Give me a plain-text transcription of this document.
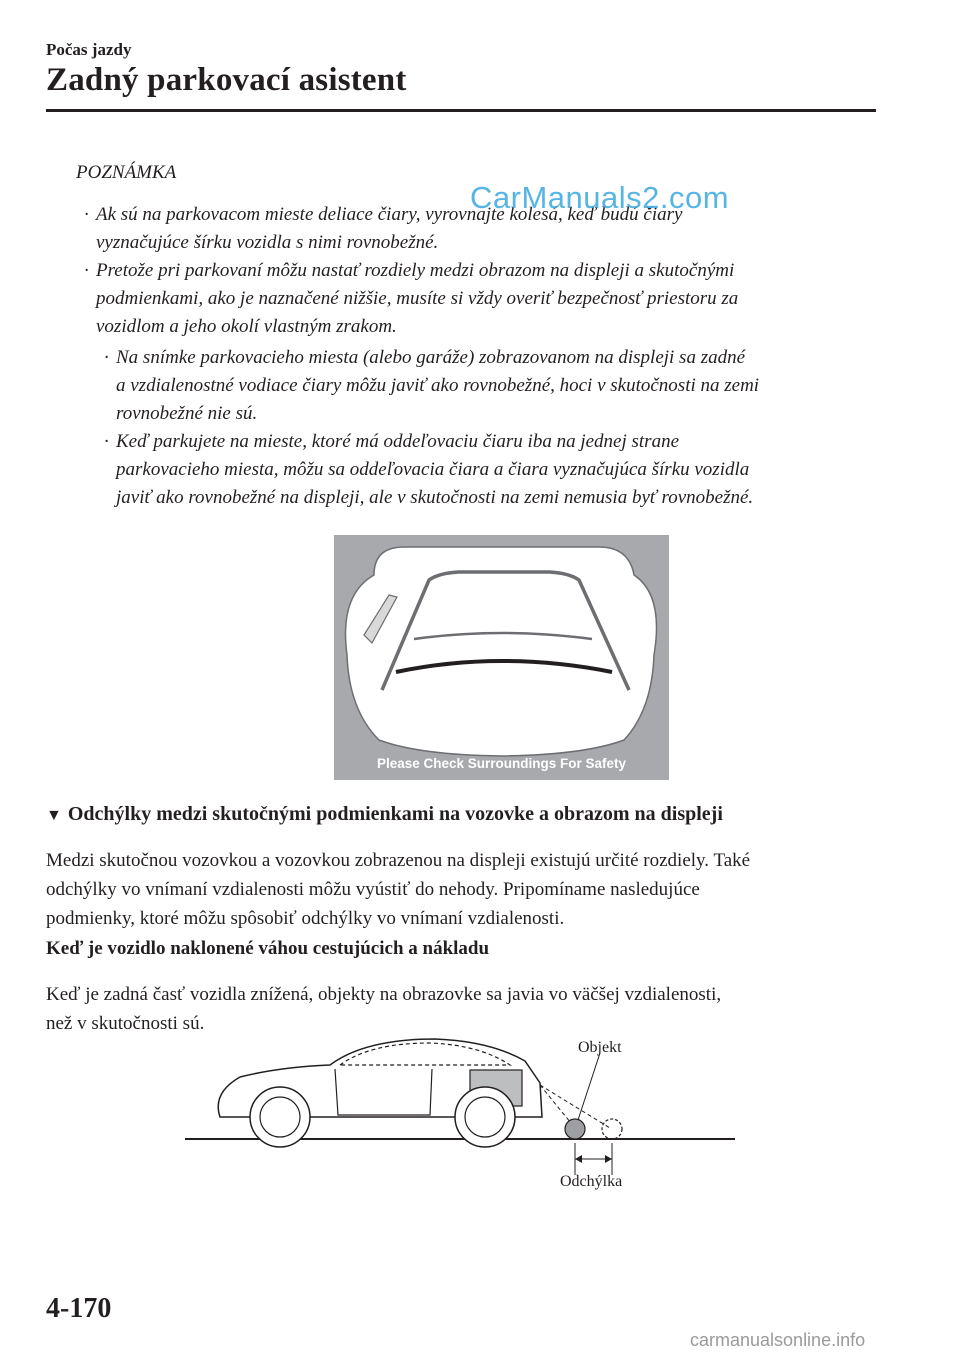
Počas jazdy
Zadný parkovací asistent
POZNÁMKA
· Ak sú na parkovacom mieste deliace čiary, vyrovnajte kolesá, keď budú čiary
vyznačujúce šírku vozidla s nimi rovnobežné.
· Pretože pri parkovaní môžu nastať rozdiely medzi obrazom na displeji a skutočnými
podmienkami, ako je naznačené nižšie, musíte si vždy overiť bezpečnosť priestoru za
vozidlom a jeho okolí vlastným zrakom.
· Na snímke parkovacieho miesta (alebo garáže) zobrazovanom na displeji sa zadné
a vzdialenostné vodiace čiary môžu javiť ako rovnobežné, hoci v skutočnosti na zemi
rovnobežné nie sú.
· Keď parkujete na mieste, ktoré má oddeľovaciu čiaru iba na jednej strane
parkovacieho miesta, môžu sa oddeľovacia čiara a čiara vyznačujúca šírku vozidla
javiť ako rovnobežné na displeji, ale v skutočnosti na zemi nemusia byť rovnobežné.
CarManuals2.com
Please Check Surroundings For Safety
▼ Odchýlky medzi skutočnými podmienkami na vozovke a obrazom na displeji
Medzi skutočnou vozovkou a vozovkou zobrazenou na displeji existujú určité rozdiely. Také
odchýlky vo vnímaní vzdialenosti môžu vyústiť do nehody. Pripomíname nasledujúce
podmienky, ktoré môžu spôsobiť odchýlky vo vnímaní vzdialenosti.
Keď je vozidlo naklonené váhou cestujúcich a nákladu
Keď je zadná časť vozidla znížená, objekty na obrazovke sa javia vo väčšej vzdialenosti,
než v skutočnosti sú.
Objekt
Odchýlka
4-170
carmanualsonline.info
